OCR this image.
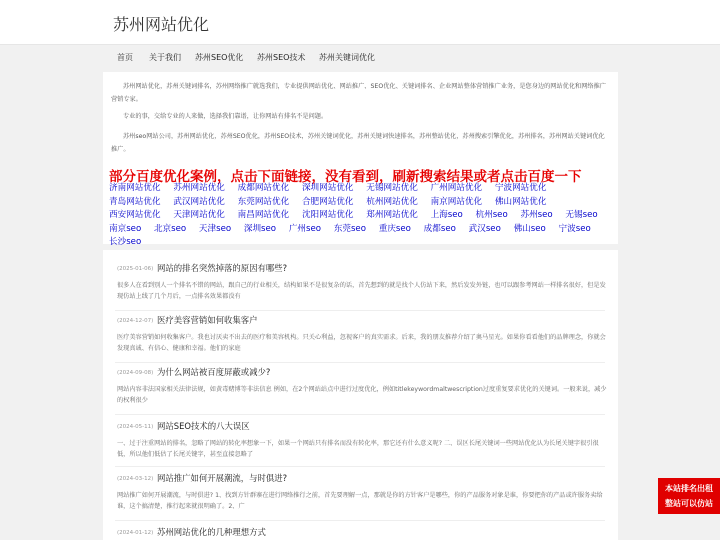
苏州网站优化
首页 关于我们 苏州SEO优化 苏州SEO技术 苏州关键词优化
苏州网站优化，苏州关键词排名，苏州网络推广就选我们，专业提供网站优化、网站推广、SEO优化、关键词排名、企业网站整体营销推广业务，是您身边的网站优化和网络推广营销专家。
专业的事，交给专业的人来做，选择我们靠谱，让你网站有排名不是问题。
苏州seo网站公司，苏州网站优化，苏州SEO优化，苏州SEO技术，苏州关键词优化，苏州关键词快速排名，苏州整站优化，苏州搜索引擎优化，苏州排名，苏州网站关键词优化推广。
部分百度优化案例，点击下面链接，没有看到，刷新搜索结果或者点击百度一下
济南网站优化 苏州网站优化 成都网站优化 深圳网站优化 无锡网站优化 广州网站优化 宁波网站优化 青岛网站优化 武汉网站优化 东莞网站优化 合肥网站优化 杭州网站优化 南京网站优化 佛山网站优化 西安网站优化 天津网站优化 南昌网站优化 沈阳网站优化 郑州网站优化 上海seo 杭州seo 苏州seo 无锡seo 南京seo 北京seo 天津seo 深圳seo 广州seo 东莞seo 重庆seo 成都seo 武汉seo 佛山seo 宁波seo 长沙seo
(2025-01-06) 网站的排名突然掉落的原因有哪些?
很多人在看到别人一个排名不错的网站，跟自己的行业相关，结构如果不是很复杂的话，首先想到的就是找个人仿站下来，然后发发外链，也可以跟参考网站一样排名很好，但是发现仿站上线了几个月后，一点排名效果都没有
(2024-12-07) 医疗美容营销如何收集客户
医疗美容营销如何收集客户。我也讨厌卖不出去的医疗和美容机构。只关心利益，忽视客户的真实需求。后来，我的朋友推荐介绍了奥马星光。如果你看看他们的品牌理念，你就会发现真诚、有信心、健康和幸福。他们的家庭
(2024-09-08) 为什么网站被百度屏蔽或减少?
网站内容非法国家相关法律法规，如黄毒赌博等非法信息 例如，在2个网站站点中进行过度优化，例如titlekeywordmaltwescription过度重复要求优化的关键词。一般来说，减少的权利很少
(2024-05-11) 网站SEO技术的八大误区
一、过于注重网站的排名，忽略了网站的转化率想象一下，如果一个网站只有排名而没有转化率，那它还有什么意义呢? 二、误区长尾关键词一些网站优化认为长尾关键字很引很低，所以他们低估了长尾关键字，甚至直接忽略了
(2024-03-12) 网站推广如何开展潮流，与时俱进?
网站推广如何开展潮流，与时俱进? 1、找到方针群寨在进行网络推行之前，首先要理解一点，那就是你的方针客户是哪些，你的产品服务对象是谁，你要把你的产品或许服务卖给谁，这个搞清楚，推行起来就很明确了。2、广
(2024-01-12) 苏州网站优化的几种理想方式
本站排名出租
整站可以仿站
